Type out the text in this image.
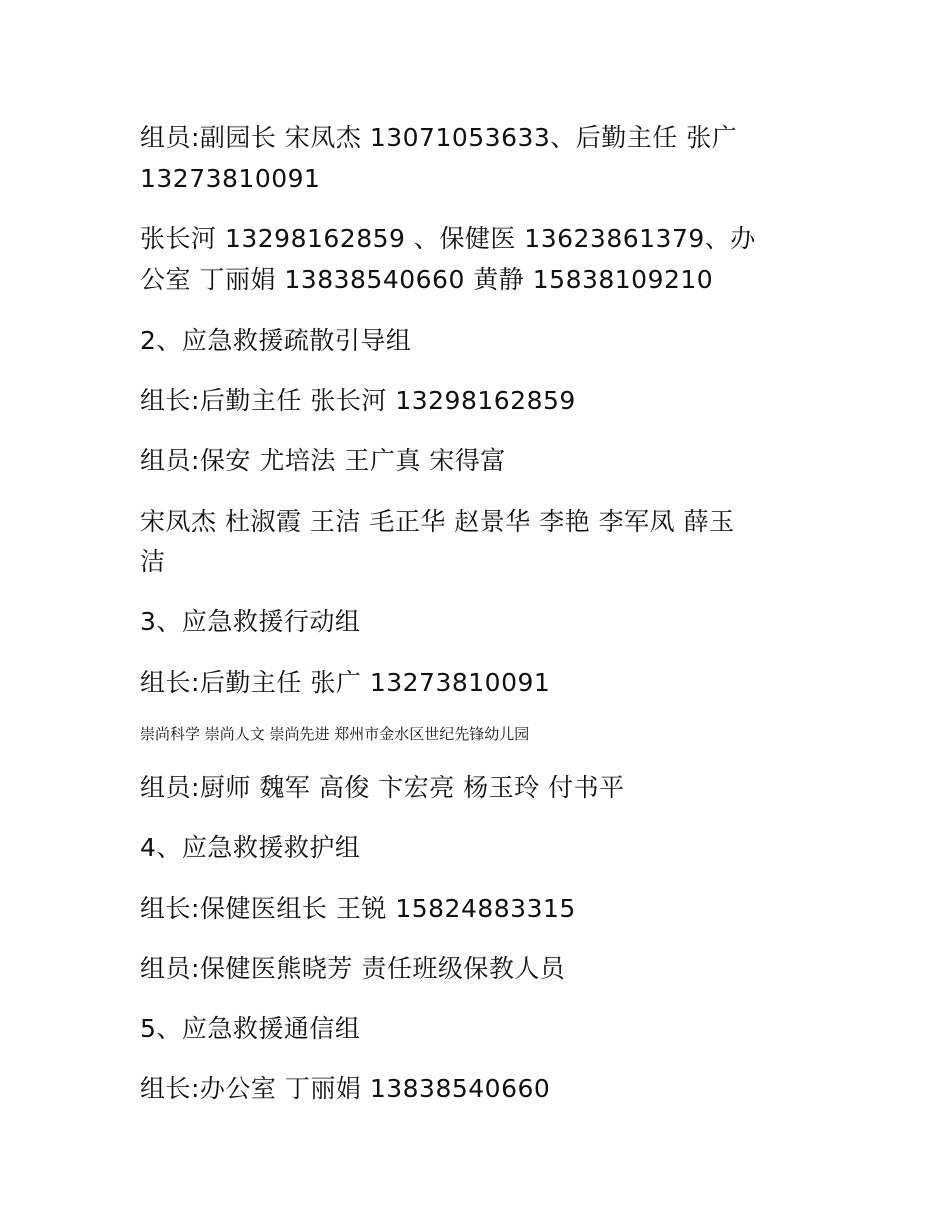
组员:副园长 宋凤杰 13071053633、后勤主任 张广
13273810091
张长河 13298162859 、保健医 13623861379、办
公室 丁丽娟 13838540660 黄静 15838109210
2、应急救援疏散引导组
组长:后勤主任 张长河 13298162859
组员:保安 尤培法 王广真 宋得富
宋凤杰 杜淑霞 王洁 毛正华 赵景华 李艳 李军凤 薛玉
洁
3、应急救援行动组
组长:后勤主任 张广 13273810091
崇尚科学 崇尚人文 崇尚先进 郑州市金水区世纪先锋幼儿园
组员:厨师 魏军 高俊 卞宏亮 杨玉玲 付书平
4、应急救援救护组
组长:保健医组长 王锐 15824883315
组员:保健医熊晓芳 责任班级保教人员
5、应急救援通信组
组长:办公室 丁丽娟 13838540660
